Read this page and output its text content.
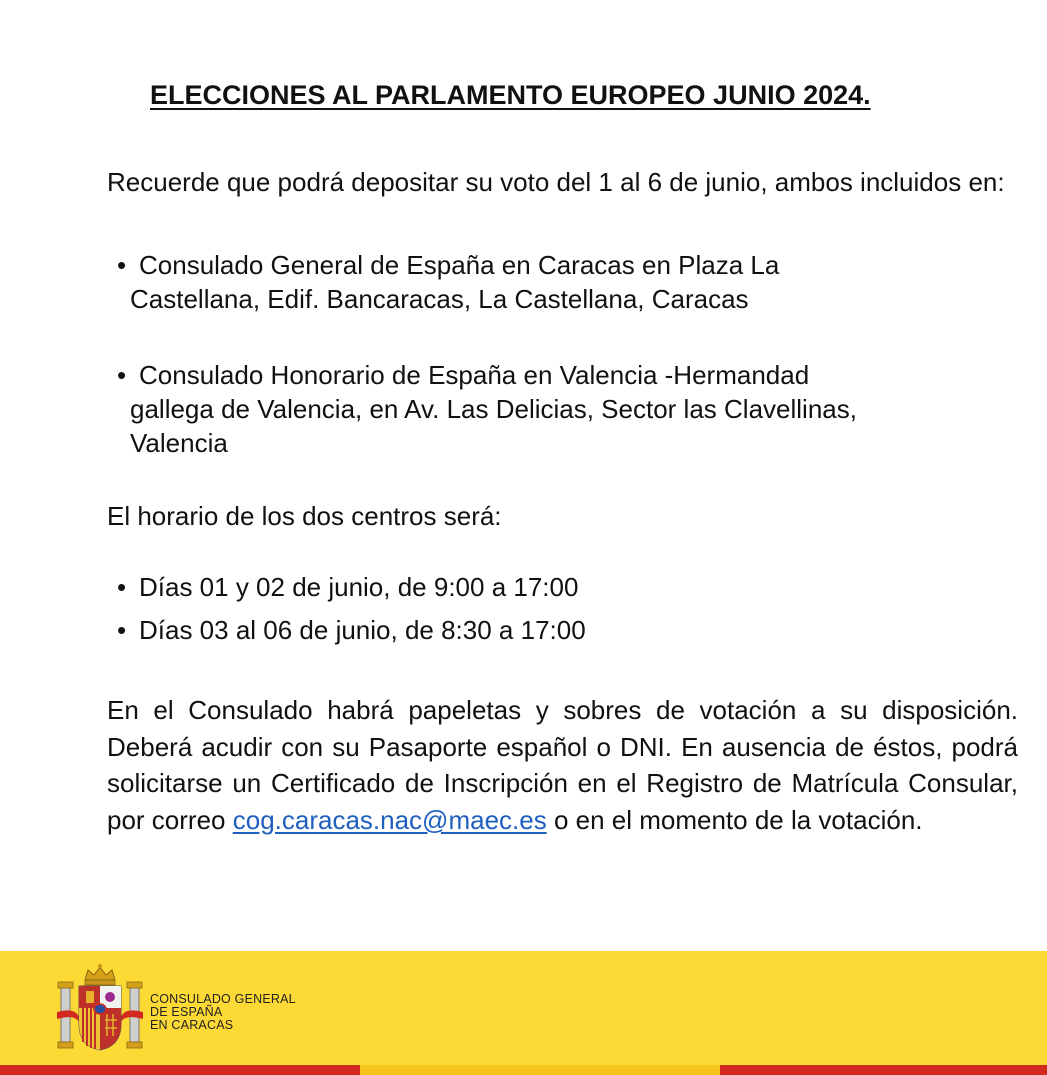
ELECCIONES AL PARLAMENTO EUROPEO JUNIO 2024.
Recuerde que podrá depositar su voto del 1 al 6 de junio, ambos incluidos en:
• Consulado General de España en Caracas en Plaza La
Castellana, Edif. Bancaracas, La Castellana, Caracas
• Consulado Honorario de España en Valencia -Hermandad
gallega de Valencia, en Av. Las Delicias, Sector las Clavellinas,
Valencia
El horario de los dos centros será:
• Días 01 y 02 de junio, de 9:00 a 17:00
• Días 03 al 06 de junio, de 8:30 a 17:00
En el Consulado habrá papeletas y sobres de votación a su disposición. Deberá acudir con su Pasaporte español o DNI. En ausencia de éstos, podrá solicitarse un Certificado de Inscripción en el Registro de Matrícula Consular, por correo cog.caracas.nac@maec.es o en el momento de la votación.
CONSULADO GENERAL
DE ESPAÑA
EN CARACAS
